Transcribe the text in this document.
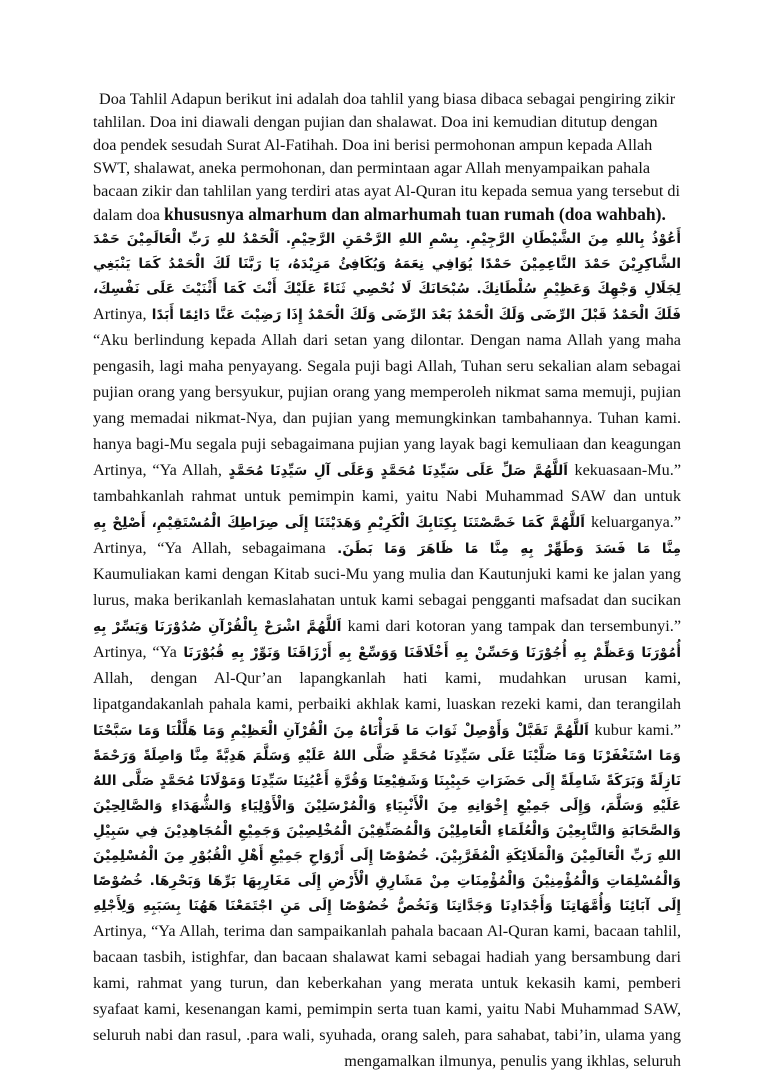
Doa Tahlil Adapun berikut ini adalah doa tahlil yang biasa dibaca sebagai pengiring zikir tahlilan. Doa ini diawali dengan pujian dan shalawat. Doa ini kemudian ditutup dengan doa pendek sesudah Surat Al-Fatihah. Doa ini berisi permohonan ampun kepada Allah SWT, shalawat, aneka permohonan, dan permintaan agar Allah menyampaikan pahala bacaan zikir dan tahlilan yang terdiri atas ayat Al-Quran itu kepada semua yang tersebut di dalam doa khususnya almarhum dan almarhumah tuan rumah (doa wahbah).

أَعُوْذُ بِاللهِ مِنَ الشَّيْطَانِ الرَّجِيْمِ. بِسْمِ اللهِ الرَّحْمَنِ الرَّحِيْمِ. اَلْحَمْدُ للهِ رَبِّ الْعَالَمِيْنَ حَمْدَ الشَّاكِرِيْنَ حَمْدَ النَّاعِمِيْنَ حَمْدًا يُوَافِي نِعَمَهُ وَيُكَافِئُ مَزِيْدَهُ، يَا رَبَّنَا لَكَ الْحَمْدُ كَمَا يَنْبَغِي لِجَلَالِ وَجْهِكَ وَعَظِيْمِ سُلْطَانِكَ. سُبْحَانَكَ لَا نُحْصِي ثَنَاءً عَلَيْكَ أَنْتَ كَمَا أَثْنَيْتَ عَلَى نَفْسِكَ، فَلَكَ الْحَمْدُ قَبْلَ الرِّضَى وَلَكَ الْحَمْدُ بَعْدَ الرِّضَى وَلَكَ الْحَمْدُ إِذَا رَضِيْتَ عَنَّا دَائِمًا أَبَدًا Artinya, “Aku berlindung kepada Allah dari setan yang dilontar. Dengan nama Allah yang maha pengasih, lagi maha penyayang. Segala puji bagi Allah, Tuhan seru sekalian alam sebagai pujian orang yang bersyukur, pujian orang yang memperoleh nikmat sama memuji, pujian yang memadai nikmat-Nya, dan pujian yang memungkinkan tambahannya. Tuhan kami. hanya bagi-Mu segala puji sebagaimana pujian yang layak bagi kemuliaan dan keagungan kekuasaan-Mu.” اَللَّهُمَّ صَلِّ عَلَى سَيِّدِنَا مُحَمَّدٍ وَعَلَى آلِ سَيِّدِنَا مُحَمَّدٍ Artinya, “Ya Allah, tambahkanlah rahmat untuk pemimpin kami, yaitu Nabi Muhammad SAW dan untuk keluarganya.” اَللَّهُمَّ كَمَا خَصَّصْتَنَا بِكِتَابِكَ الْكَرِيْمِ وَهَدَيْتَنَا إِلَى صِرَاطِكَ الْمُسْتَقِيْمِ، أَصْلِحْ بِهِ مِنَّا مَا فَسَدَ وَطَهِّرْ بِهِ مِنَّا مَا ظَاهَرَ وَمَا بَطَنَ. Artinya, “Ya Allah, sebagaimana Kaumuliakan kami dengan Kitab suci-Mu yang mulia dan Kautunjuki kami ke jalan yang lurus, maka berikanlah kemaslahatan untuk kami sebagai pengganti mafsadat dan sucikan kami dari kotoran yang tampak dan tersembunyi.” اَللَّهُمَّ اشْرَحْ بِالْقُرْآنِ صُدُوْرَنَا وَيَسِّرْ بِهِ أُمُوْرَنَا وَعَظِّمْ بِهِ أُجُوْرَنَا وَحَسِّنْ بِهِ أَخْلَاقَنَا وَوَسِّعْ بِهِ أَرْزَاقَنَا وَنَوِّرْ بِهِ قُبُوْرَنَا Artinya, “Ya Allah, dengan Al-Qur’an lapangkanlah hati kami, mudahkan urusan kami, lipatgandakanlah pahala kami, perbaiki akhlak kami, luaskan rezeki kami, dan terangilah kubur kami.” اَللَّهُمَّ تَقَبَّلْ وَأَوْصِلْ ثَوَابَ مَا قَرَأْنَاهُ مِنَ الْقُرْآنِ الْعَظِيْمِ وَمَا هَلَّلْنَا وَمَا سَبَّحْنَا وَمَا اسْتَغْفَرْنَا وَمَا صَلَّيْنَا عَلَى سَيِّدِنَا مُحَمَّدٍ صَلَّى اللهُ عَلَيْهِ وَسَلَّمَ هَدِيَّةً مِنَّا وَاصِلَةً وَرَحْمَةً نَازِلَةً وَبَرَكَةً شَامِلَةً إِلَى حَضَرَاتِ حَبِيْبِنَا وَشَفِيْعِنَا وَقُرَّةِ أَعْيُنِنَا سَيِّدِنَا وَمَوْلَانَا مُحَمَّدٍ صَلَّى اللهُ عَلَيْهِ وَسَلَّمَ، وَإِلَى جَمِيْعِ إِخْوَانِهِ مِنَ الْأَنْبِيَاءِ وَالْمُرْسَلِيْنَ وَالْأَوْلِيَاءِ وَالشُّهَدَاءِ وَالصَّالِحِيْنَ وَالصَّحَابَةِ وَالتَّابِعِيْنَ وَالْعُلَمَاءِ الْعَامِلِيْنَ وَالْمُصَنِّفِيْنَ الْمُخْلِصِيْنَ وَجَمِيْعِ الْمُجَاهِدِيْنَ فِي سَبِيْلِ اللهِ رَبِّ الْعَالَمِيْنَ وَالْمَلَائِكَةِ الْمُقَرَّبِيْنَ. خُصُوْصًا إِلَى أَرْوَاحِ جَمِيْعِ أَهْلِ الْقُبُوْرِ مِنَ الْمُسْلِمِيْنَ وَالْمُسْلِمَاتِ وَالْمُؤْمِنِيْنَ وَالْمُؤْمِنَاتِ مِنْ مَشَارِقِ الْأَرْضِ إِلَى مَغَارِبِهَا بَرِّهَا وَبَحْرِهَا. خُصُوْصًا إِلَى آبَائِنَا وَأُمَّهَاتِنَا وَأَجْدَادِنَا وَجَدَّاتِنَا وَنَخُصُّ خُصُوْصًا إِلَى مَنِ اجْتَمَعْنَا هَهُنَا بِسَبَبِهِ وَلِأَجْلِهِ Artinya, “Ya Allah, terima dan sampaikanlah pahala bacaan Al-Quran kami, bacaan tahlil, bacaan tasbih, istighfar, dan bacaan shalawat kami sebagai hadiah yang bersambung dari kami, rahmat yang turun, dan keberkahan yang merata untuk kekasih kami, pemberi syafaat kami, kesenangan kami, pemimpin serta tuan kami, yaitu Nabi Muhammad SAW, seluruh nabi dan rasul, .para wali, syuhada, orang saleh, para sahabat, tabi’in, ulama yang mengamalkan ilmunya, penulis yang ikhlas, seluruh
